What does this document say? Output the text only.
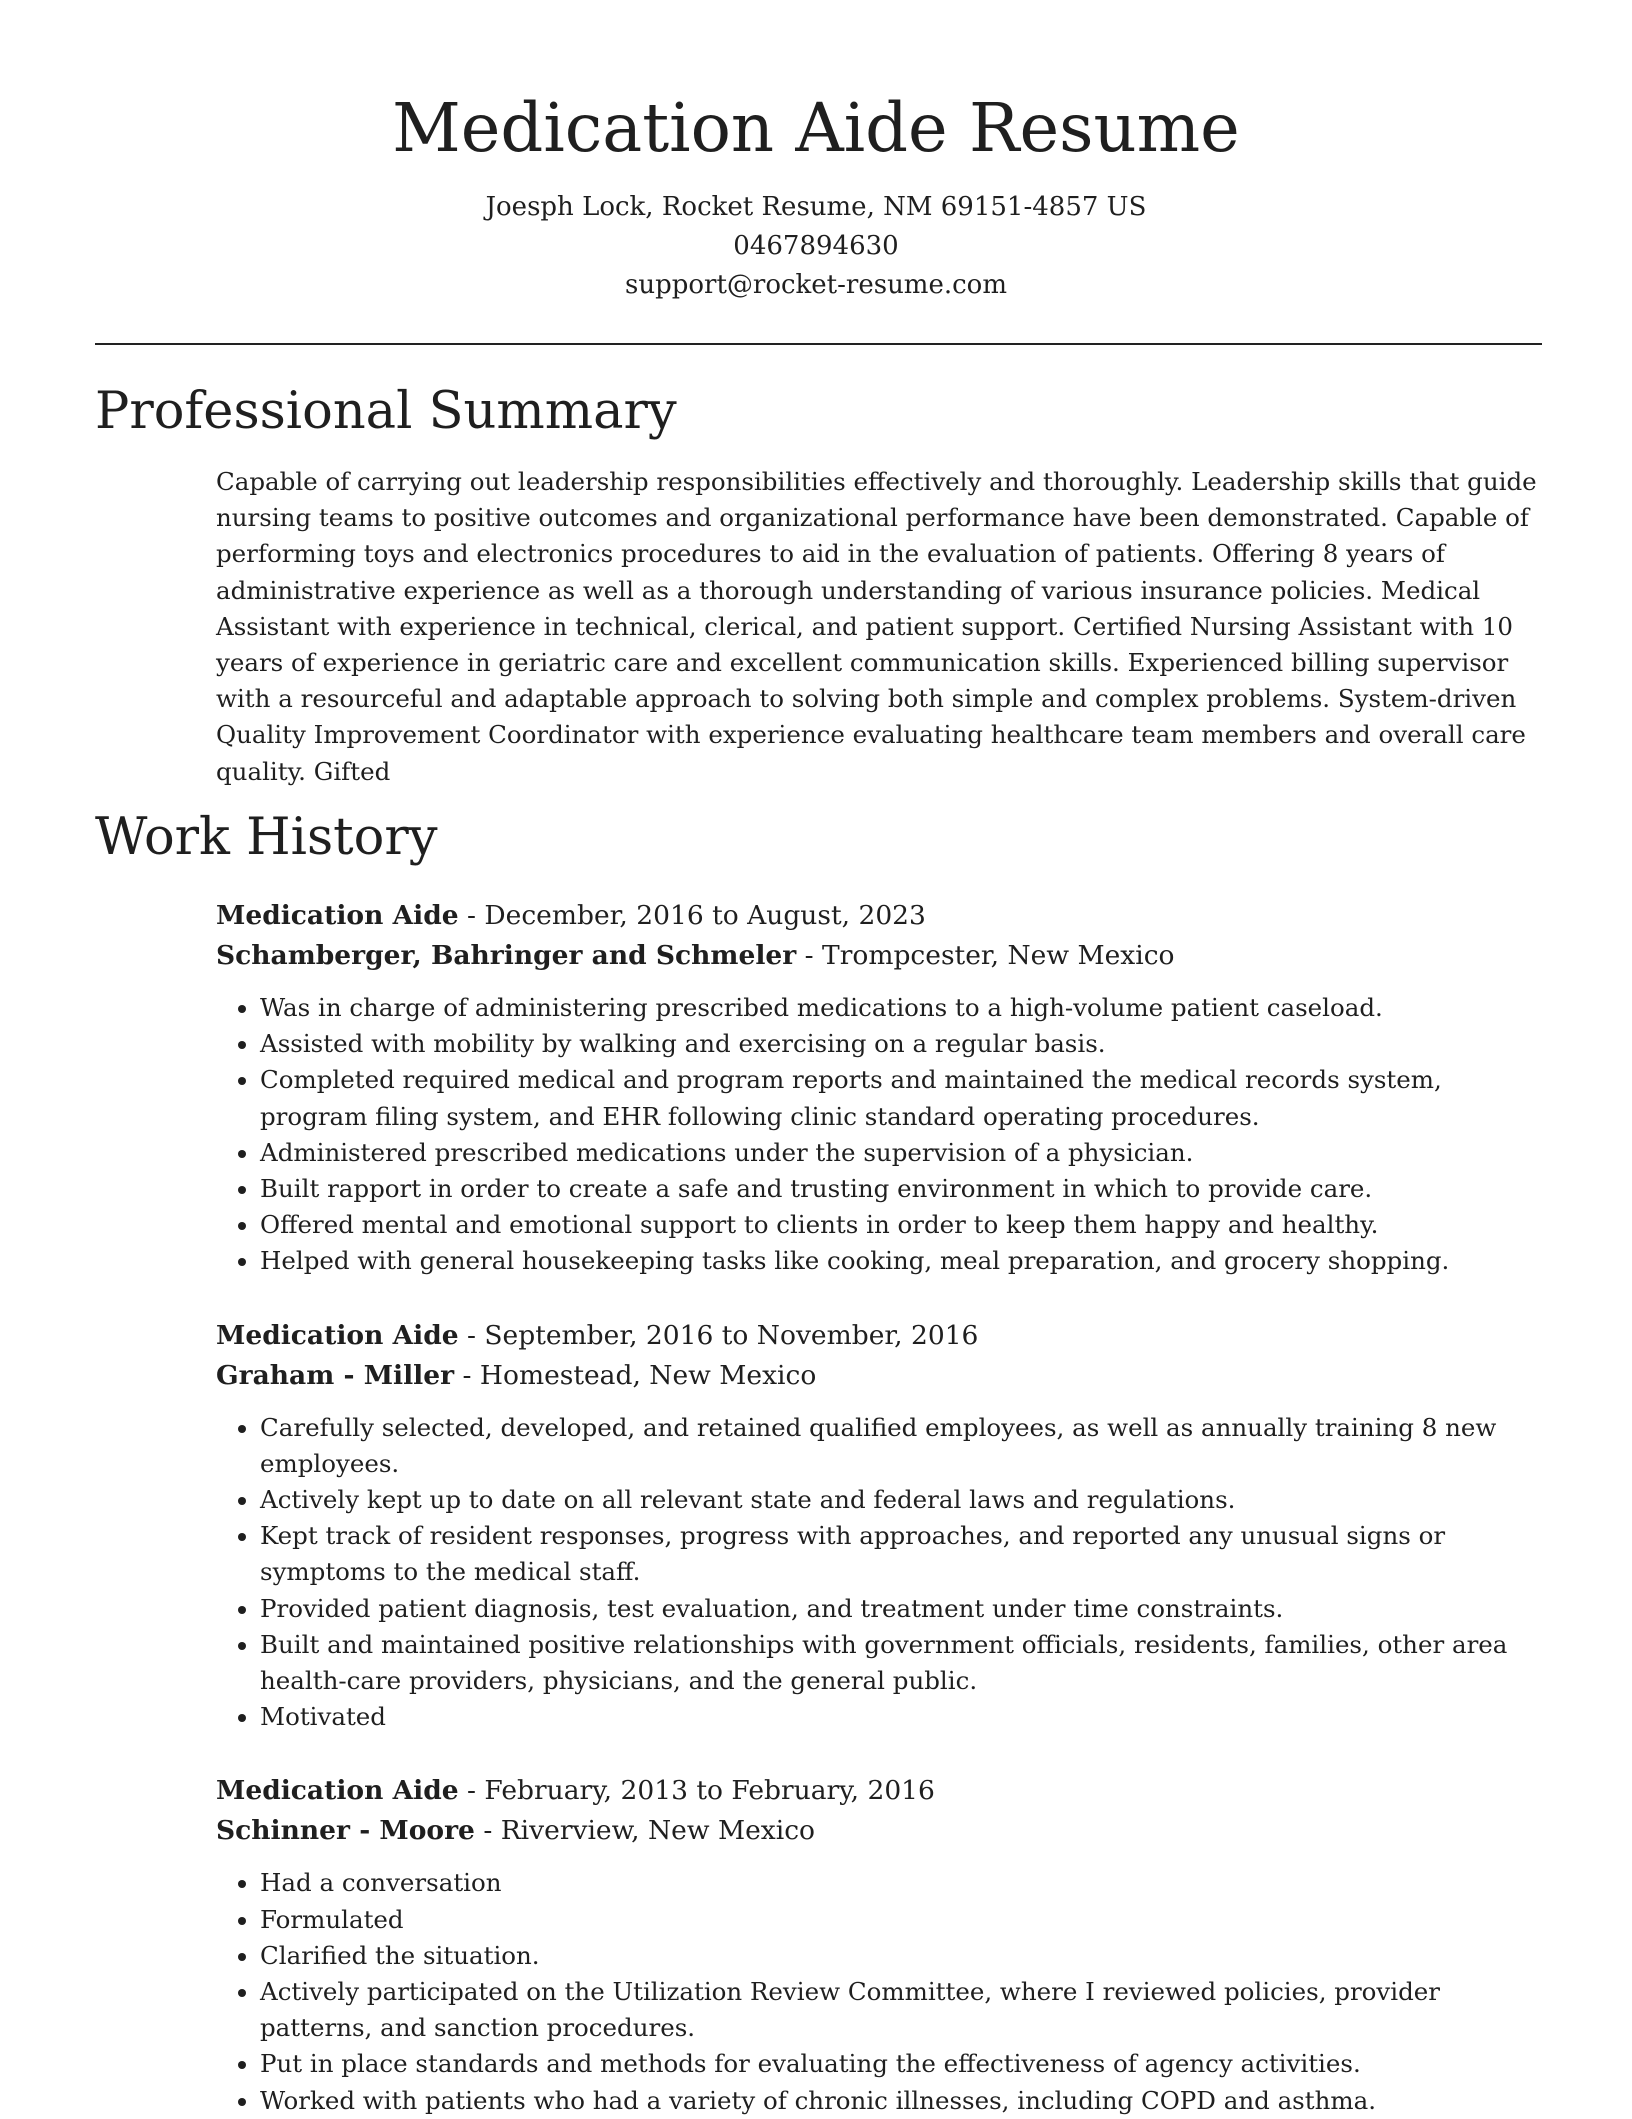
Medication Aide Resume

Joesph Lock, Rocket Resume, NM 69151-4857 US

0467894630

support@rocket-resume.com

Professional Summary

Capable of carrying out leadership responsibilities effectively and thoroughly. Leadership skills that guide nursing teams to positive outcomes and organizational performance have been demonstrated. Capable of performing toys and electronics procedures to aid in the evaluation of patients. Offering 8 years of administrative experience as well as a thorough understanding of various insurance policies. Medical Assistant with experience in technical, clerical, and patient support. Certified Nursing Assistant with 10 years of experience in geriatric care and excellent communication skills. Experienced billing supervisor with a resourceful and adaptable approach to solving both simple and complex problems. System-driven Quality Improvement Coordinator with experience evaluating healthcare team members and overall care quality. Gifted

Work History

Medication Aide - December, 2016 to August, 2023

Schamberger, Bahringer and Schmeler - Trompcester, New Mexico

• Was in charge of administering prescribed medications to a high-volume patient caseload.
• Assisted with mobility by walking and exercising on a regular basis.
• Completed required medical and program reports and maintained the medical records system, program filing system, and EHR following clinic standard operating procedures.
• Administered prescribed medications under the supervision of a physician.
• Built rapport in order to create a safe and trusting environment in which to provide care.
• Offered mental and emotional support to clients in order to keep them happy and healthy.
• Helped with general housekeeping tasks like cooking, meal preparation, and grocery shopping.

Medication Aide - September, 2016 to November, 2016

Graham - Miller - Homestead, New Mexico

• Carefully selected, developed, and retained qualified employees, as well as annually training 8 new employees.
• Actively kept up to date on all relevant state and federal laws and regulations.
• Kept track of resident responses, progress with approaches, and reported any unusual signs or symptoms to the medical staff.
• Provided patient diagnosis, test evaluation, and treatment under time constraints.
• Built and maintained positive relationships with government officials, residents, families, other area health-care providers, physicians, and the general public.
• Motivated

Medication Aide - February, 2013 to February, 2016

Schinner - Moore - Riverview, New Mexico

• Had a conversation
• Formulated
• Clarified the situation.
• Actively participated on the Utilization Review Committee, where I reviewed policies, provider patterns, and sanction procedures.
• Put in place standards and methods for evaluating the effectiveness of agency activities.
• Worked with patients who had a variety of chronic illnesses, including COPD and asthma.
